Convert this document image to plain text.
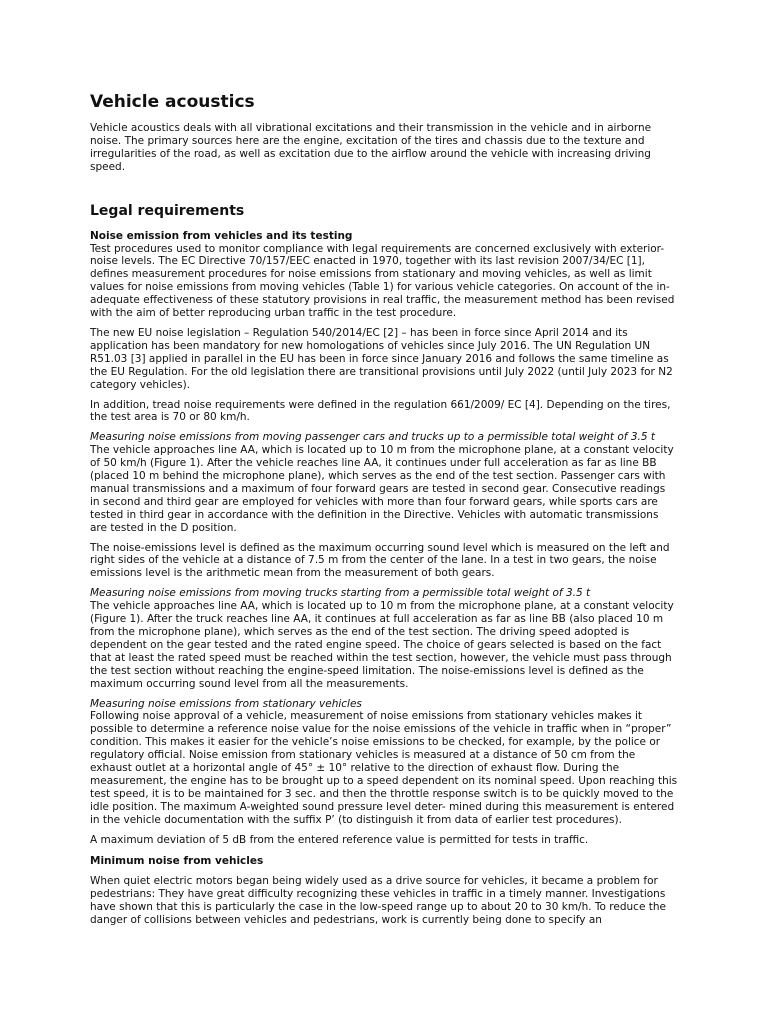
Vehicle acoustics

Vehicle acoustics deals with all vibrational excitations and their transmission in the vehicle and in airborne noise. The primary sources here are the engine, excitation of the tires and chassis due to the texture and irregularities of the road, as well as excitation due to the airflow around the vehicle with increasing driving speed.

Legal requirements
Noise emission from vehicles and its testing

Test procedures used to monitor compliance with legal requirements are concerned exclusively with exterior-noise levels. The EC Directive 70/157/EEC enacted in 1970, together with its last revision 2007/34/EC [1], defines measurement procedures for noise emissions from stationary and moving vehicles, as well as limit values for noise emissions from moving vehicles (Table 1) for various vehicle categories. On account of the in- adequate effectiveness of these statutory provisions in real traffic, the measurement method has been revised with the aim of better reproducing urban traffic in the test procedure.

The new EU noise legislation – Regulation 540/2014/EC [2] – has been in force since April 2014 and its application has been mandatory for new homologations of vehicles since July 2016. The UN Regulation UN R51.03 [3] applied in parallel in the EU has been in force since January 2016 and follows the same timeline as the EU Regulation. For the old legislation there are transitional provisions until July 2022 (until July 2023 for N2 category vehicles).

In addition, tread noise requirements were defined in the regulation 661/2009/ EC [4]. Depending on the tires, the test area is 70 or 80 km/h.

Measuring noise emissions from moving passenger cars and trucks up to a permissible total weight of 3.5 t

The vehicle approaches line AA, which is located up to 10 m from the microphone plane, at a constant velocity of 50 km/h (Figure 1). After the vehicle reaches line AA, it continues under full acceleration as far as line BB (placed 10 m behind the microphone plane), which serves as the end of the test section. Passenger cars with manual transmissions and a maximum of four forward gears are tested in second gear. Consecutive readings in second and third gear are employed for vehicles with more than four forward gears, while sports cars are tested in third gear in accordance with the definition in the Directive. Vehicles with automatic transmissions are tested in the D position.

The noise-emissions level is defined as the maximum occurring sound level which is measured on the left and right sides of the vehicle at a distance of 7.5 m from the center of the lane. In a test in two gears, the noise emissions level is the arithmetic mean from the measurement of both gears.

Measuring noise emissions from moving trucks starting from a permissible total weight of 3.5 t

The vehicle approaches line AA, which is located up to 10 m from the microphone plane, at a constant velocity (Figure 1). After the truck reaches line AA, it continues at full acceleration as far as line BB (also placed 10 m from the microphone plane), which serves as the end of the test section. The driving speed adopted is dependent on the gear tested and the rated engine speed. The choice of gears selected is based on the fact that at least the rated speed must be reached within the test section, however, the vehicle must pass through the test section without reaching the engine-speed limitation. The noise-emissions level is defined as the maximum occurring sound level from all the measurements.

Measuring noise emissions from stationary vehicles

Following noise approval of a vehicle, measurement of noise emissions from stationary vehicles makes it possible to determine a reference noise value for the noise emissions of the vehicle in traffic when in “proper” condition. This makes it easier for the vehicle’s noise emissions to be checked, for example, by the police or regulatory official. Noise emission from stationary vehicles is measured at a distance of 50 cm from the exhaust outlet at a horizontal angle of 45° ± 10° relative to the direction of exhaust flow. During the measurement, the engine has to be brought up to a speed dependent on its nominal speed. Upon reaching this test speed, it is to be maintained for 3 sec. and then the throttle response switch is to be quickly moved to the idle position. The maximum A-weighted sound pressure level deter- mined during this measurement is entered in the vehicle documentation with the suffix P’ (to distinguish it from data of earlier test procedures).

A maximum deviation of 5 dB from the entered reference value is permitted for tests in traffic.

Minimum noise from vehicles

When quiet electric motors began being widely used as a drive source for vehicles, it became a problem for pedestrians: They have great difficulty recognizing these vehicles in traffic in a timely manner. Investigations have shown that this is particularly the case in the low-speed range up to about 20 to 30 km/h. To reduce the danger of collisions between vehicles and pedestrians, work is currently being done to specify an
